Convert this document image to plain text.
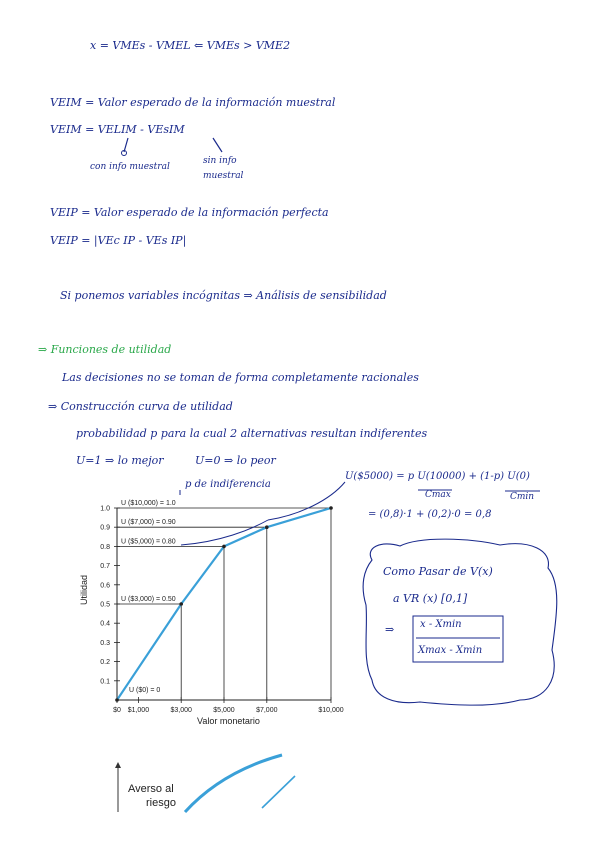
x = VMEs - VMEL ⇐ VMEs > VME2
VEIM = Valor esperado de la información muestral
VEIM = VELIM - VEsIM
con info muestral
sin info
muestral
VEIP = Valor esperado de la información perfecta
VEIP = |VEc IP - VEs IP|
Si ponemos variables incógnitas ⇒ Análisis de sensibilidad
⇒ Funciones de utilidad
Las decisiones no se toman de forma completamente racionales
⇒ Construcción curva de utilidad
probabilidad p para la cual 2 alternativas resultan indiferentes
U=1 ⇒ lo mejor	U=0 ⇒ lo peor
p de indiferencia
U($5000) = p U(10000) + (1-p) U(0)
Cmax	Cmin
= (0,8)·1 + (0,2)·0 = 0,8
Como Pasar de V(x)
a VR (x) [0,1]
⇒	x - Xmin
Xmax - Xmin
0.1
0.2
0.3
0.4
0.5
0.6
0.7
0.8
0.9
1.0
$0 $1,000	$3,000	$5,000	$7,000	$10,000
U ($0) = 0
U ($3,000) = 0.50
U ($5,000) = 0.80
U ($7,000) = 0.90
U ($10,000) = 1.0
Valor monetario
Utilidad
Averso al
riesgo
